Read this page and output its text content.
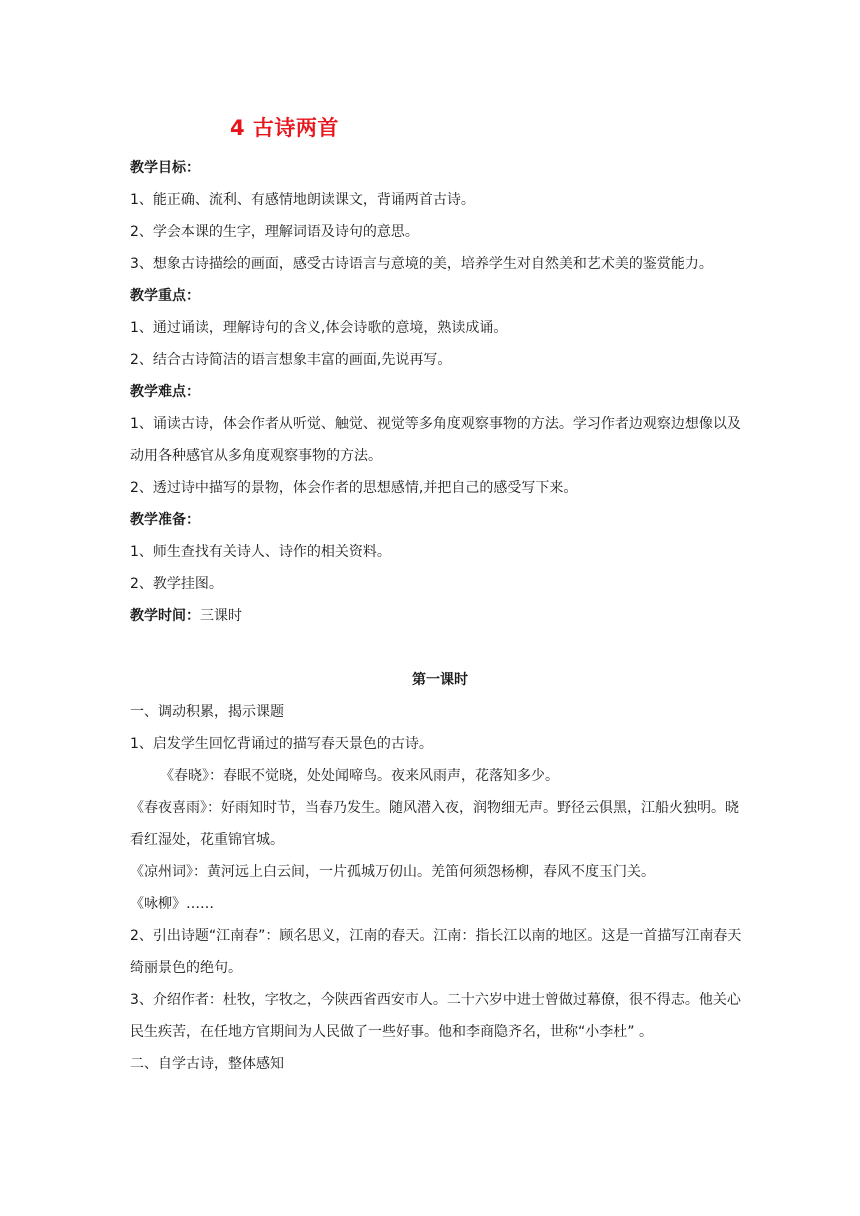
4 古诗两首

教学目标：

1、能正确、流利、有感情地朗读课文，背诵两首古诗。

2、学会本课的生字，理解词语及诗句的意思。

3、想象古诗描绘的画面，感受古诗语言与意境的美，培养学生对自然美和艺术美的鉴赏能力。

教学重点：

1、通过诵读，理解诗句的含义,体会诗歌的意境，熟读成诵。

2、结合古诗简洁的语言想象丰富的画面,先说再写。

教学难点：

1、诵读古诗，体会作者从听觉、触觉、视觉等多角度观察事物的方法。学习作者边观察边想像以及动用各种感官从多角度观察事物的方法。

2、透过诗中描写的景物，体会作者的思想感情,并把自己的感受写下来。

教学准备：

1、师生查找有关诗人、诗作的相关资料。

2、教学挂图。

教学时间：三课时

第一课时

一、调动积累，揭示课题

1、启发学生回忆背诵过的描写春天景色的古诗。

《春晓》：春眠不觉晓，处处闻啼鸟。夜来风雨声，花落知多少。

《春夜喜雨》：好雨知时节，当春乃发生。随风潜入夜，润物细无声。野径云俱黑，江船火独明。晓看红湿处，花重锦官城。

《凉州词》：黄河远上白云间，一片孤城万仞山。羌笛何须怨杨柳，春风不度玉门关。

《咏柳》……

2、引出诗题“江南春”：顾名思义，江南的春天。江南：指长江以南的地区。这是一首描写江南春天绮丽景色的绝句。

3、介绍作者：杜牧，字牧之，今陕西省西安市人。二十六岁中进士曾做过幕僚，很不得志。他关心民生疾苦，在任地方官期间为人民做了一些好事。他和李商隐齐名，世称“小李杜” 。

二、自学古诗，整体感知
